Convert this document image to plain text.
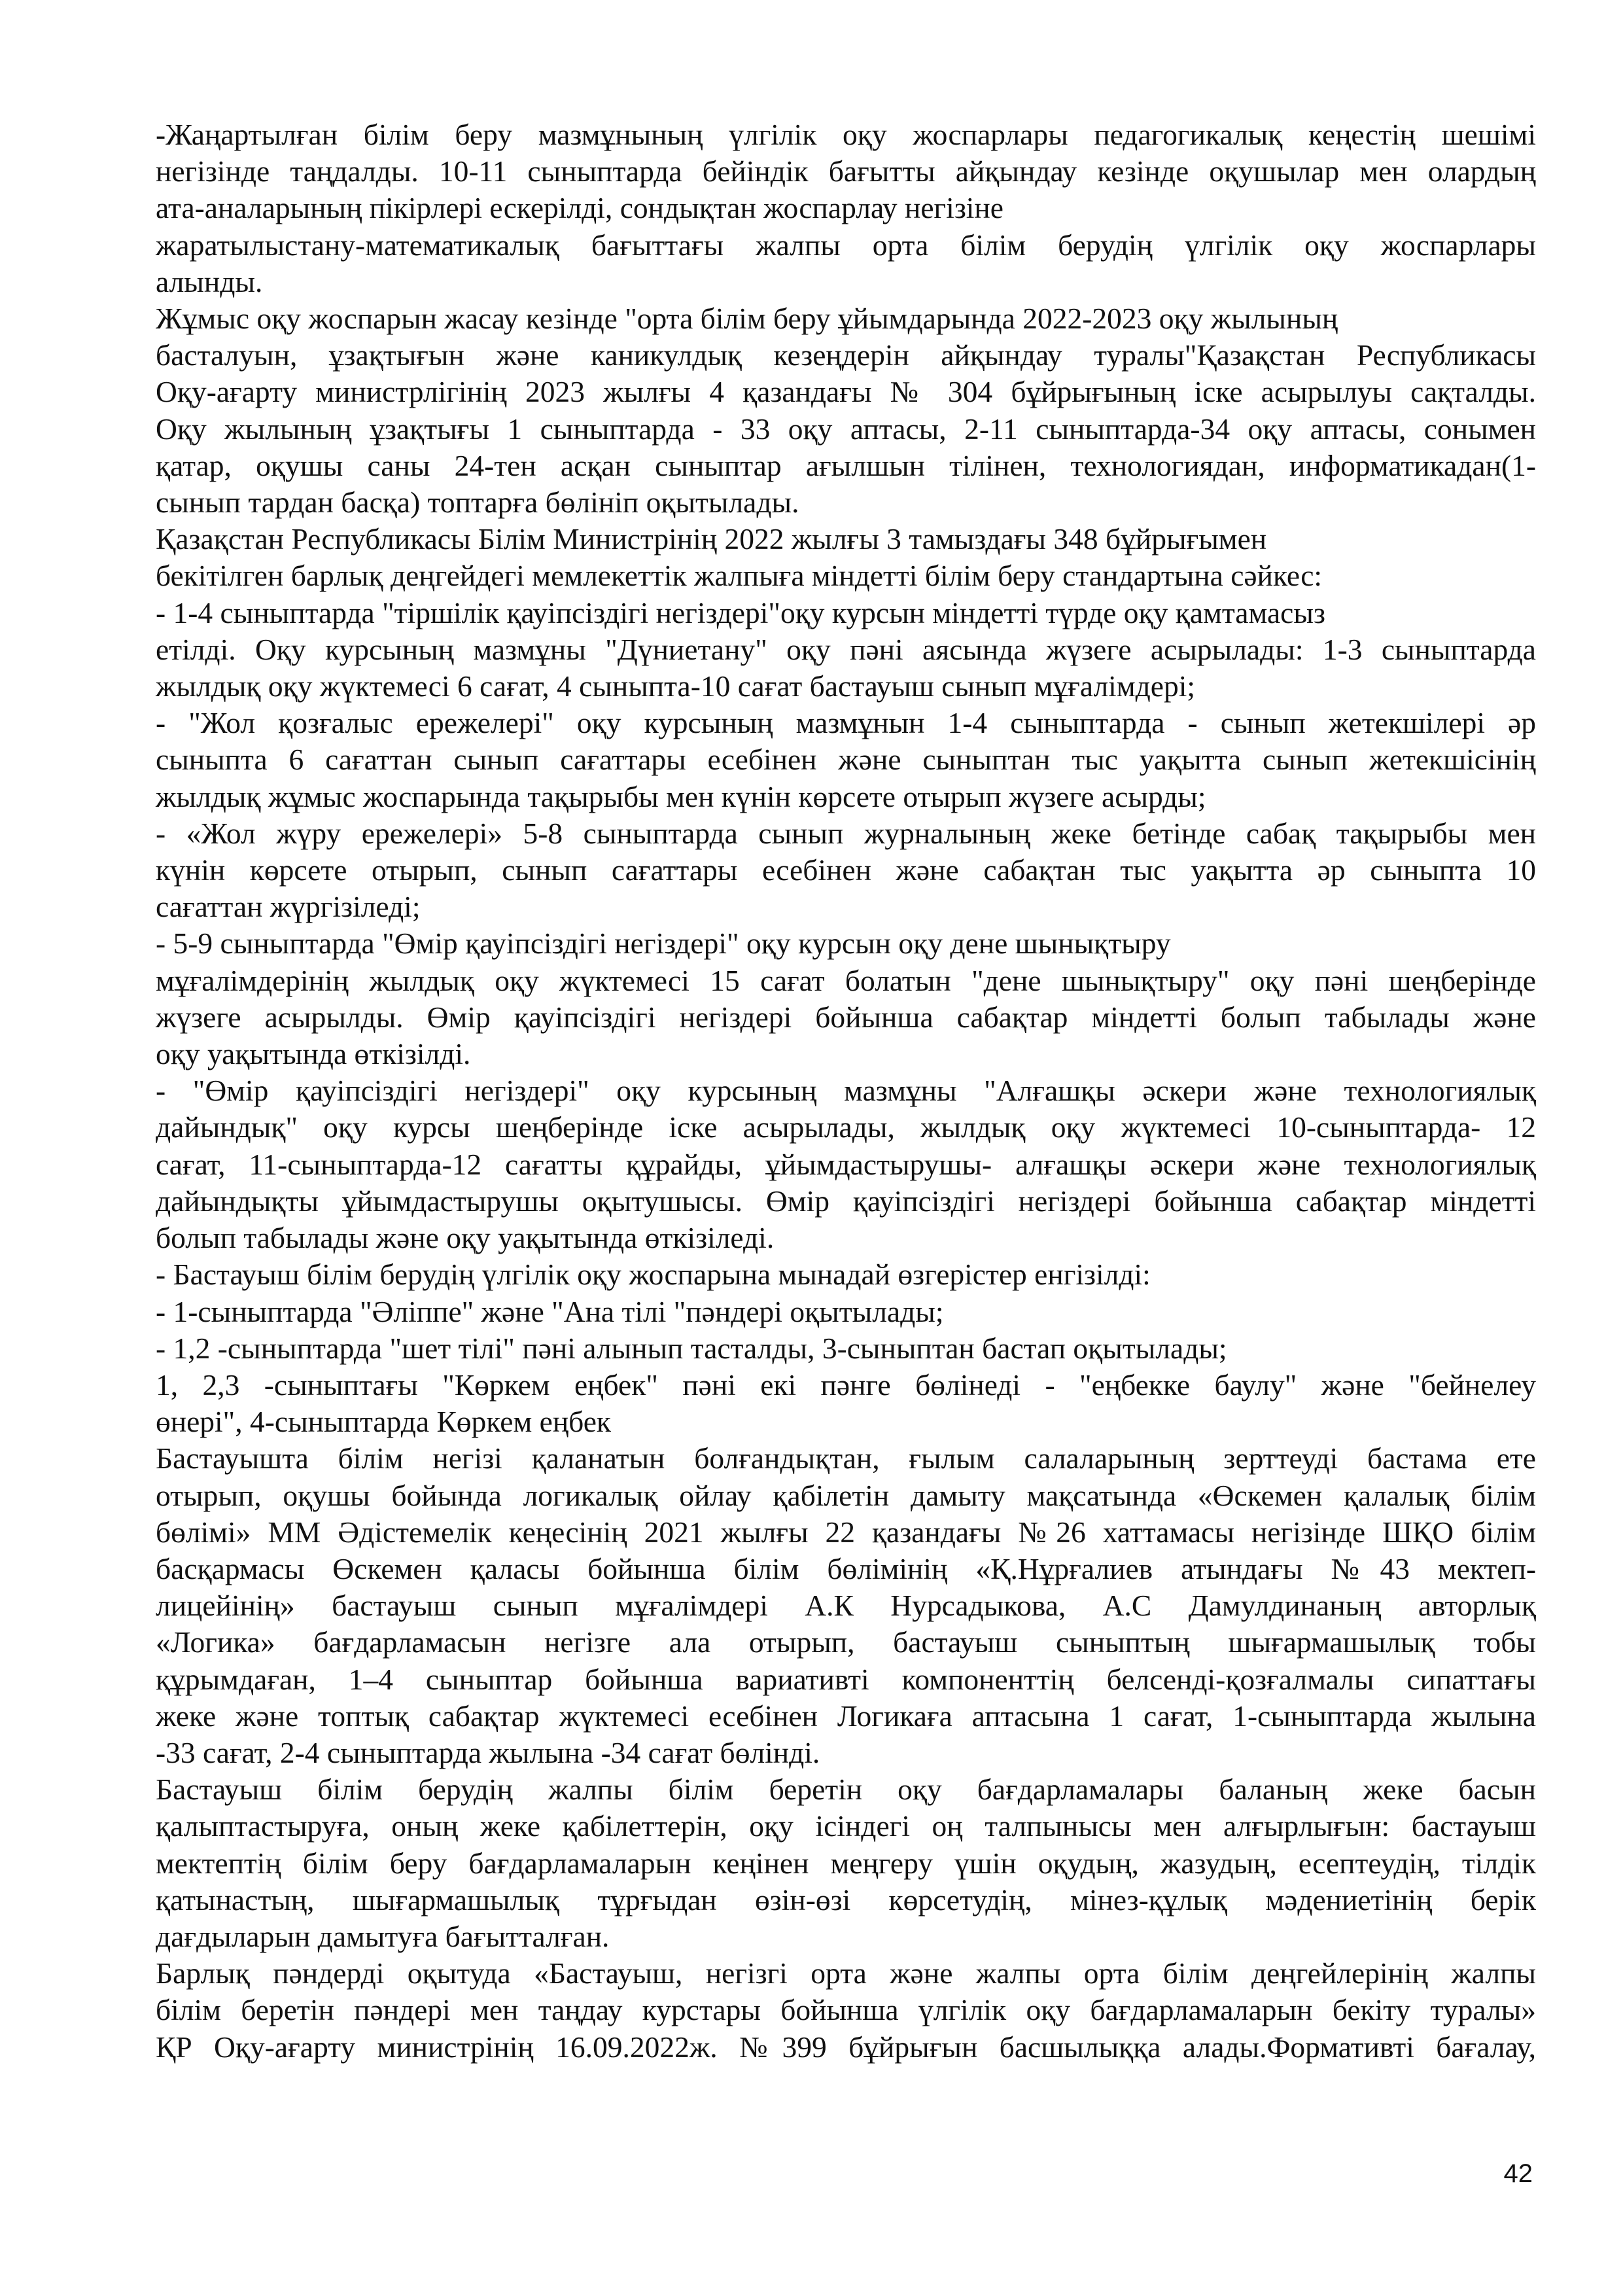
-Жаңартылған білім беру мазмұнының үлгілік оқу жоспарлары педагогикалық кеңестің шешімі

негізінде таңдалды. 10-11 сыныптарда бейіндік бағытты айқындау кезінде оқушылар мен олардың

ата-аналарының пікірлері ескерілді, сондықтан жоспарлау негізіне

жаратылыстану-математикалық бағыттағы жалпы орта білім берудің үлгілік оқу жоспарлары

алынды.

Жұмыс оқу жоспарын жасау кезінде "орта білім беру ұйымдарында 2022-2023 оқу жылының

басталуын, ұзақтығын және каникулдық кезеңдерін айқындау туралы"Қазақстан Республикасы

Оқу-ағарту министрлігінің 2023 жылғы 4 қазандағы № 304 бұйрығының іске асырылуы сақталды.

Оқу жылының ұзақтығы 1 сыныптарда - 33 оқу аптасы, 2-11 сыныптарда-34 оқу аптасы, сонымен

қатар, оқушы саны 24-тен асқан сыныптар ағылшын тілінен, технологиядан, информатикадан(1-

сынып тардан басқа) топтарға бөлініп оқытылады.

Қазақстан Республикасы Білім Министрінің 2022 жылғы 3 тамыздағы 348 бұйрығымен

бекітілген барлық деңгейдегі мемлекеттік жалпыға міндетті білім беру стандартына сәйкес:

- 1-4 сыныптарда "тіршілік қауіпсіздігі негіздері"оқу курсын міндетті түрде оқу қамтамасыз

етілді. Оқу курсының мазмұны "Дүниетану" оқу пәні аясында жүзеге асырылады: 1-3 сыныптарда

жылдық оқу жүктемесі 6 сағат, 4 сыныпта-10 сағат бастауыш сынып мұғалімдері;

- "Жол қозғалыс ережелері" оқу курсының мазмұнын 1-4 сыныптарда - сынып жетекшілері әр

сыныпта 6 сағаттан сынып сағаттары есебінен және сыныптан тыс уақытта сынып жетекшісінің

жылдық жұмыс жоспарында тақырыбы мен күнін көрсете отырып жүзеге асырды;

- «Жол жүру ережелері» 5-8 сыныптарда сынып журналының жеке бетінде сабақ тақырыбы мен

күнін көрсете отырып, сынып сағаттары есебінен және сабақтан тыс уақытта әр сыныпта 10

сағаттан жүргізіледі;

- 5-9 сыныптарда "Өмір қауіпсіздігі негіздері" оқу курсын оқу дене шынықтыру

мұғалімдерінің жылдық оқу жүктемесі 15 сағат болатын "дене шынықтыру" оқу пәні шеңберінде

жүзеге асырылды. Өмір қауіпсіздігі негіздері бойынша сабақтар міндетті болып табылады және

оқу уақытында өткізілді.

- "Өмір қауіпсіздігі негіздері" оқу курсының мазмұны "Алғашқы әскери және технологиялық

дайындық" оқу курсы шеңберінде іске асырылады, жылдық оқу жүктемесі 10-сыныптарда- 12

сағат, 11-сыныптарда-12 сағатты құрайды, ұйымдастырушы- алғашқы әскери және технологиялық

дайындықты ұйымдастырушы оқытушысы. Өмір қауіпсіздігі негіздері бойынша сабақтар міндетті

болып табылады және оқу уақытында өткізіледі.

- Бастауыш білім берудің үлгілік оқу жоспарына мынадай өзгерістер енгізілді:

- 1-сыныптарда "Әліппе" және "Ана тілі "пәндері оқытылады;

- 1,2 -сыныптарда "шет тілі" пәні алынып тасталды, 3-сыныптан бастап оқытылады;

1, 2,3 -сыныптағы "Көркем еңбек" пәні екі пәнге бөлінеді - "еңбекке баулу" және "бейнелеу

өнері", 4-сыныптарда Көркем еңбек

Бастауышта білім негізі қаланатын болғандықтан, ғылым салаларының зерттеуді бастама ете

отырып, оқушы бойында логикалық ойлау қабілетін дамыту мақсатында «Өскемен қалалық білім

бөлімі» ММ Әдістемелік кеңесінің 2021 жылғы 22 қазандағы №26 хаттамасы негізінде ШҚО білім

басқармасы Өскемен қаласы бойынша білім бөлімінің «Қ.Нұрғалиев атындағы №43 мектеп-

лицейінің» бастауыш сынып мұғалімдері А.К Нурсадыкова, А.С Дамулдинаның авторлық

«Логика» бағдарламасын негізге ала отырып, бастауыш сыныптың шығармашылық тобы

құрымдаған, 1–4 сыныптар бойынша вариативті компоненттің белсенді-қозғалмалы сипаттағы

жеке және топтық сабақтар жүктемесі есебінен Логикаға аптасына 1 сағат, 1-сыныптарда жылына

-33 сағат, 2-4 сыныптарда жылына -34 сағат бөлінді.

Бастауыш білім берудің жалпы білім беретін оқу бағдарламалары баланың жеке басын

қалыптастыруға, оның жеке қабілеттерін, оқу ісіндегі оң талпынысы мен алғырлығын: бастауыш

мектептің білім беру бағдарламаларын кеңінен меңгеру үшін оқудың, жазудың, есептеудің, тілдік

қатынастың, шығармашылық тұрғыдан өзін-өзі көрсетудің, мінез-құлық мәдениетінің берік

дағдыларын дамытуға бағытталған.

Барлық пәндерді оқытуда «Бастауыш, негізгі орта және жалпы орта білім деңгейлерінің жалпы

білім беретін пәндері мен таңдау курстары бойынша үлгілік оқу бағдарламаларын бекіту туралы»

ҚР Оқу-ағарту министрінің 16.09.2022ж. №399 бұйрығын басшылыққа алады.Формативті бағалау,

42
